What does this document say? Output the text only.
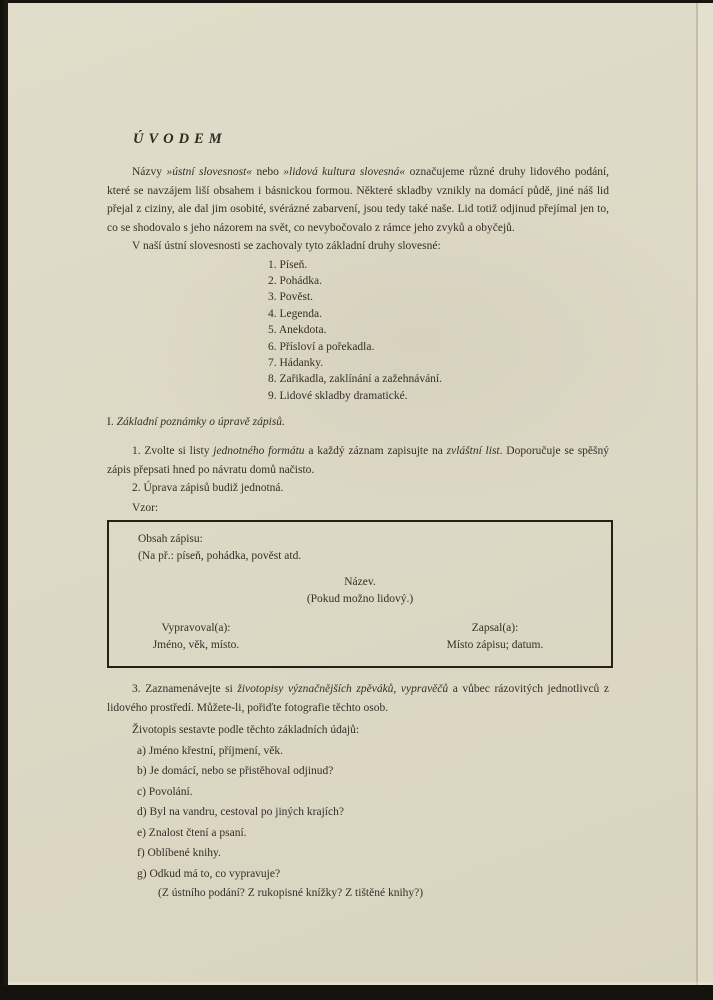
ÚVODEM

Názvy »ústní slovesnost« nebo »lidová kultura slovesná« označujeme různé druhy lidového podání, které se navzájem liší obsahem i básnickou formou. Některé skladby vznikly na domácí půdě, jiné náš lid přejal z ciziny, ale dal jim osobité, svérázné zabarvení, jsou tedy také naše. Lid totiž odjinud přejímal jen to, co se shodovalo s jeho názorem na svět, co nevybočovalo z rámce jeho zvyků a obyčejů.

V naší ústní slovesnosti se zachovaly tyto základní druhy slovesné:

1. Píseň.
2. Pohádka.
3. Pověst.
4. Legenda.
5. Anekdota.
6. Přísloví a pořekadla.
7. Hádanky.
8. Zařikadla, zaklínání a zažehnávání.
9. Lidové skladby dramatické.

I. Základní poznámky o úpravě zápisů.

1. Zvolte si listy jednotného formátu a každý záznam zapisujte na zvláštní list. Doporučuje se spěšný zápis přepsati hned po návratu domů načisto.

2. Úprava zápisů budiž jednotná.

Vzor:

Obsah zápisu:
(Na př.: píseň, pohádka, pověst atd.
Název.
(Pokud možno lidový.)
Vypravoval(a):
Jméno, věk, místo.
Zapsal(a):
Místo zápisu; datum.

3. Zaznamenávejte si životopisy význačnějších zpěváků, vypravěčů a vůbec rázovitých jednotlivců z lidového prostředí. Můžete-li, pořiďte fotografie těchto osob.

Životopis sestavte podle těchto základních údajů:

a) Jméno křestní, příjmení, věk.
b) Je domácí, nebo se přistěhoval odjinud?
c) Povolání.
d) Byl na vandru, cestoval po jiných krajích?
e) Znalost čtení a psaní.
f) Oblíbené knihy.
g) Odkud má to, co vypravuje?

(Z ústního podání? Z rukopisné knížky? Z tištěné knihy?)
